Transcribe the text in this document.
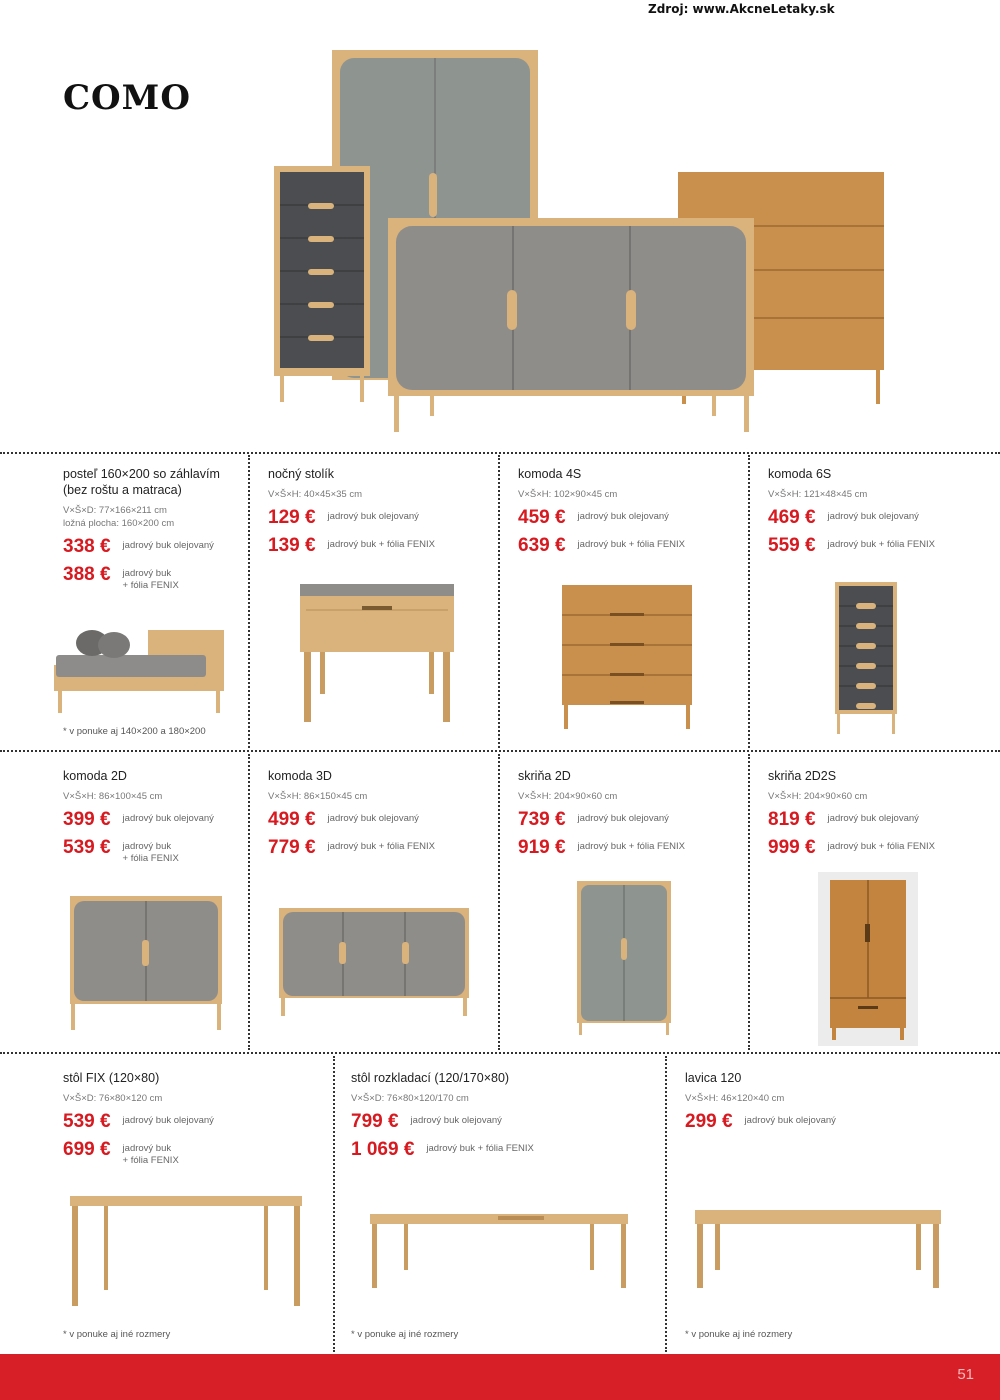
Zdroj: www.AkcneLetaky.sk
COMO
posteľ 160×200 so záhlavím
(bez roštu a matraca)
V×Š×D: 77×166×211 cm
ložná plocha: 160×200 cm
338 € jadrový buk olejovaný
388 € jadrový buk
+ fólia FENIX
* v ponuke aj 140×200 a 180×200
nočný stolík
V×Š×H: 40×45×35 cm
129 € jadrový buk olejovaný
139 € jadrový buk + fólia FENIX
komoda 4S
V×Š×H: 102×90×45 cm
459 € jadrový buk olejovaný
639 € jadrový buk + fólia FENIX
komoda 6S
V×Š×H: 121×48×45 cm
469 € jadrový buk olejovaný
559 € jadrový buk + fólia FENIX
komoda 2D
V×Š×H: 86×100×45 cm
399 € jadrový buk olejovaný
539 € jadrový buk
+ fólia FENIX
komoda 3D
V×Š×H: 86×150×45 cm
499 € jadrový buk olejovaný
779 € jadrový buk + fólia FENIX
skriňa 2D
V×Š×H: 204×90×60 cm
739 € jadrový buk olejovaný
919 € jadrový buk + fólia FENIX
skriňa 2D2S
V×Š×H: 204×90×60 cm
819 € jadrový buk olejovaný
999 € jadrový buk + fólia FENIX
stôl FIX (120×80)
V×Š×D: 76×80×120 cm
539 € jadrový buk olejovaný
699 € jadrový buk
+ fólia FENIX
* v ponuke aj iné rozmery
stôl rozkladací (120/170×80)
V×Š×D: 76×80×120/170 cm
799 € jadrový buk olejovaný
1 069 € jadrový buk + fólia FENIX
* v ponuke aj iné rozmery
lavica 120
V×Š×H: 46×120×40 cm
299 € jadrový buk olejovaný
* v ponuke aj iné rozmery
51
